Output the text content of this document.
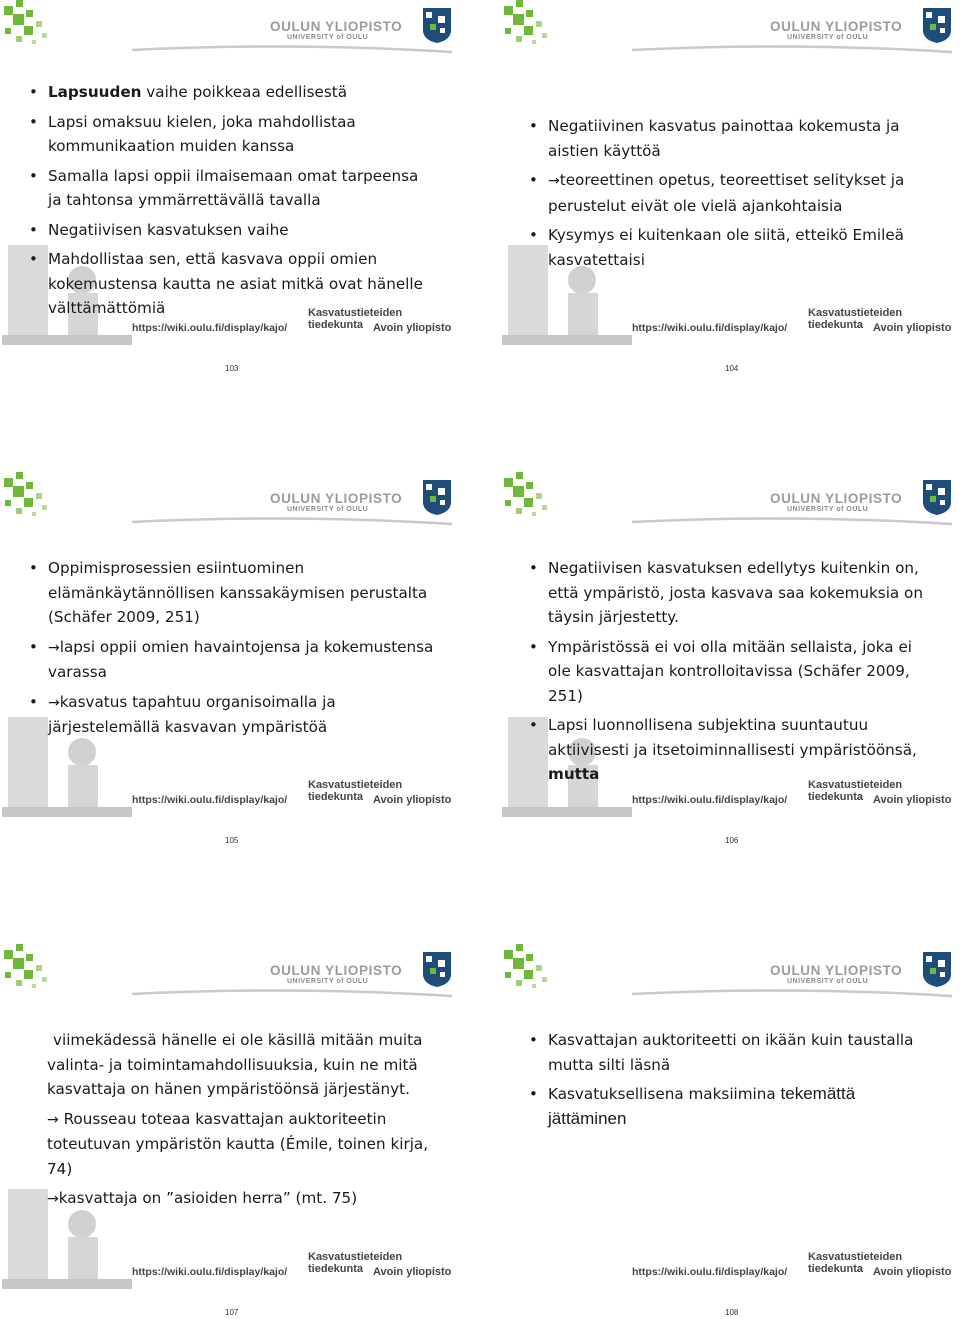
OULUN YLIOPISTO
UNIVERSITY of OULU
• Lapsuuden vaihe poikkeaa edellisestä
• Lapsi omaksuu kielen, joka mahdollistaa kommunikaation muiden kanssa
• Samalla lapsi oppii ilmaisemaan omat tarpeensa ja tahtonsa ymmärrettävällä tavalla
• Negatiivisen kasvatuksen vaihe
• Mahdollistaa sen, että kasvava oppii omien kokemustensa kautta ne asiat mitkä ovat hänelle välttämättömiä
https://wiki.oulu.fi/display/kajo/
Kasvatustieteiden tiedekunta Avoin yliopisto
103
OULUN YLIOPISTO
UNIVERSITY of OULU
• Negatiivinen kasvatus painottaa kokemusta ja aistien käyttöä
• →teoreettinen opetus, teoreettiset selitykset ja perustelut eivät ole vielä ajankohtaisia
• Kysymys ei kuitenkaan ole siitä, etteikö Emileä kasvatettaisi
https://wiki.oulu.fi/display/kajo/
Kasvatustieteiden tiedekunta Avoin yliopisto
104
OULUN YLIOPISTO
UNIVERSITY of OULU
• Oppimisprosessien esiintuominen elämänkäytännöllisen kanssakäymisen perustalta (Schäfer 2009, 251)
• →lapsi oppii omien havaintojensa ja kokemustensa varassa
• →kasvatus tapahtuu organisoimalla ja järjestelemällä kasvavan ympäristöä
https://wiki.oulu.fi/display/kajo/
Kasvatustieteiden tiedekunta Avoin yliopisto
105
OULUN YLIOPISTO
UNIVERSITY of OULU
• Negatiivisen kasvatuksen edellytys kuitenkin on, että ympäristö, josta kasvava saa kokemuksia on täysin järjestetty.
• Ympäristössä ei voi olla mitään sellaista, joka ei ole kasvattajan kontrolloitavissa (Schäfer 2009, 251)
• Lapsi luonnollisena subjektina suuntautuu aktiivisesti ja itsetoiminnallisesti ympäristöönsä, mutta
https://wiki.oulu.fi/display/kajo/
Kasvatustieteiden tiedekunta Avoin yliopisto
106
OULUN YLIOPISTO
UNIVERSITY of OULU
viimekädessä hänelle ei ole käsillä mitään muita valinta- ja toimintamahdollisuuksia, kuin ne mitä kasvattaja on hänen ympäristöönsä järjestänyt.
→ Rousseau toteaa kasvattajan auktoriteetin toteutuvan ympäristön kautta (Émile, toinen kirja, 74)
→kasvattaja on ”asioiden herra” (mt. 75)
https://wiki.oulu.fi/display/kajo/
Kasvatustieteiden tiedekunta Avoin yliopisto
107
OULUN YLIOPISTO
UNIVERSITY of OULU
• Kasvattajan auktoriteetti on ikään kuin taustalla mutta silti läsnä
• Kasvatuksellisena maksiimina tekemättä jättäminen
https://wiki.oulu.fi/display/kajo/
Kasvatustieteiden tiedekunta Avoin yliopisto
108
